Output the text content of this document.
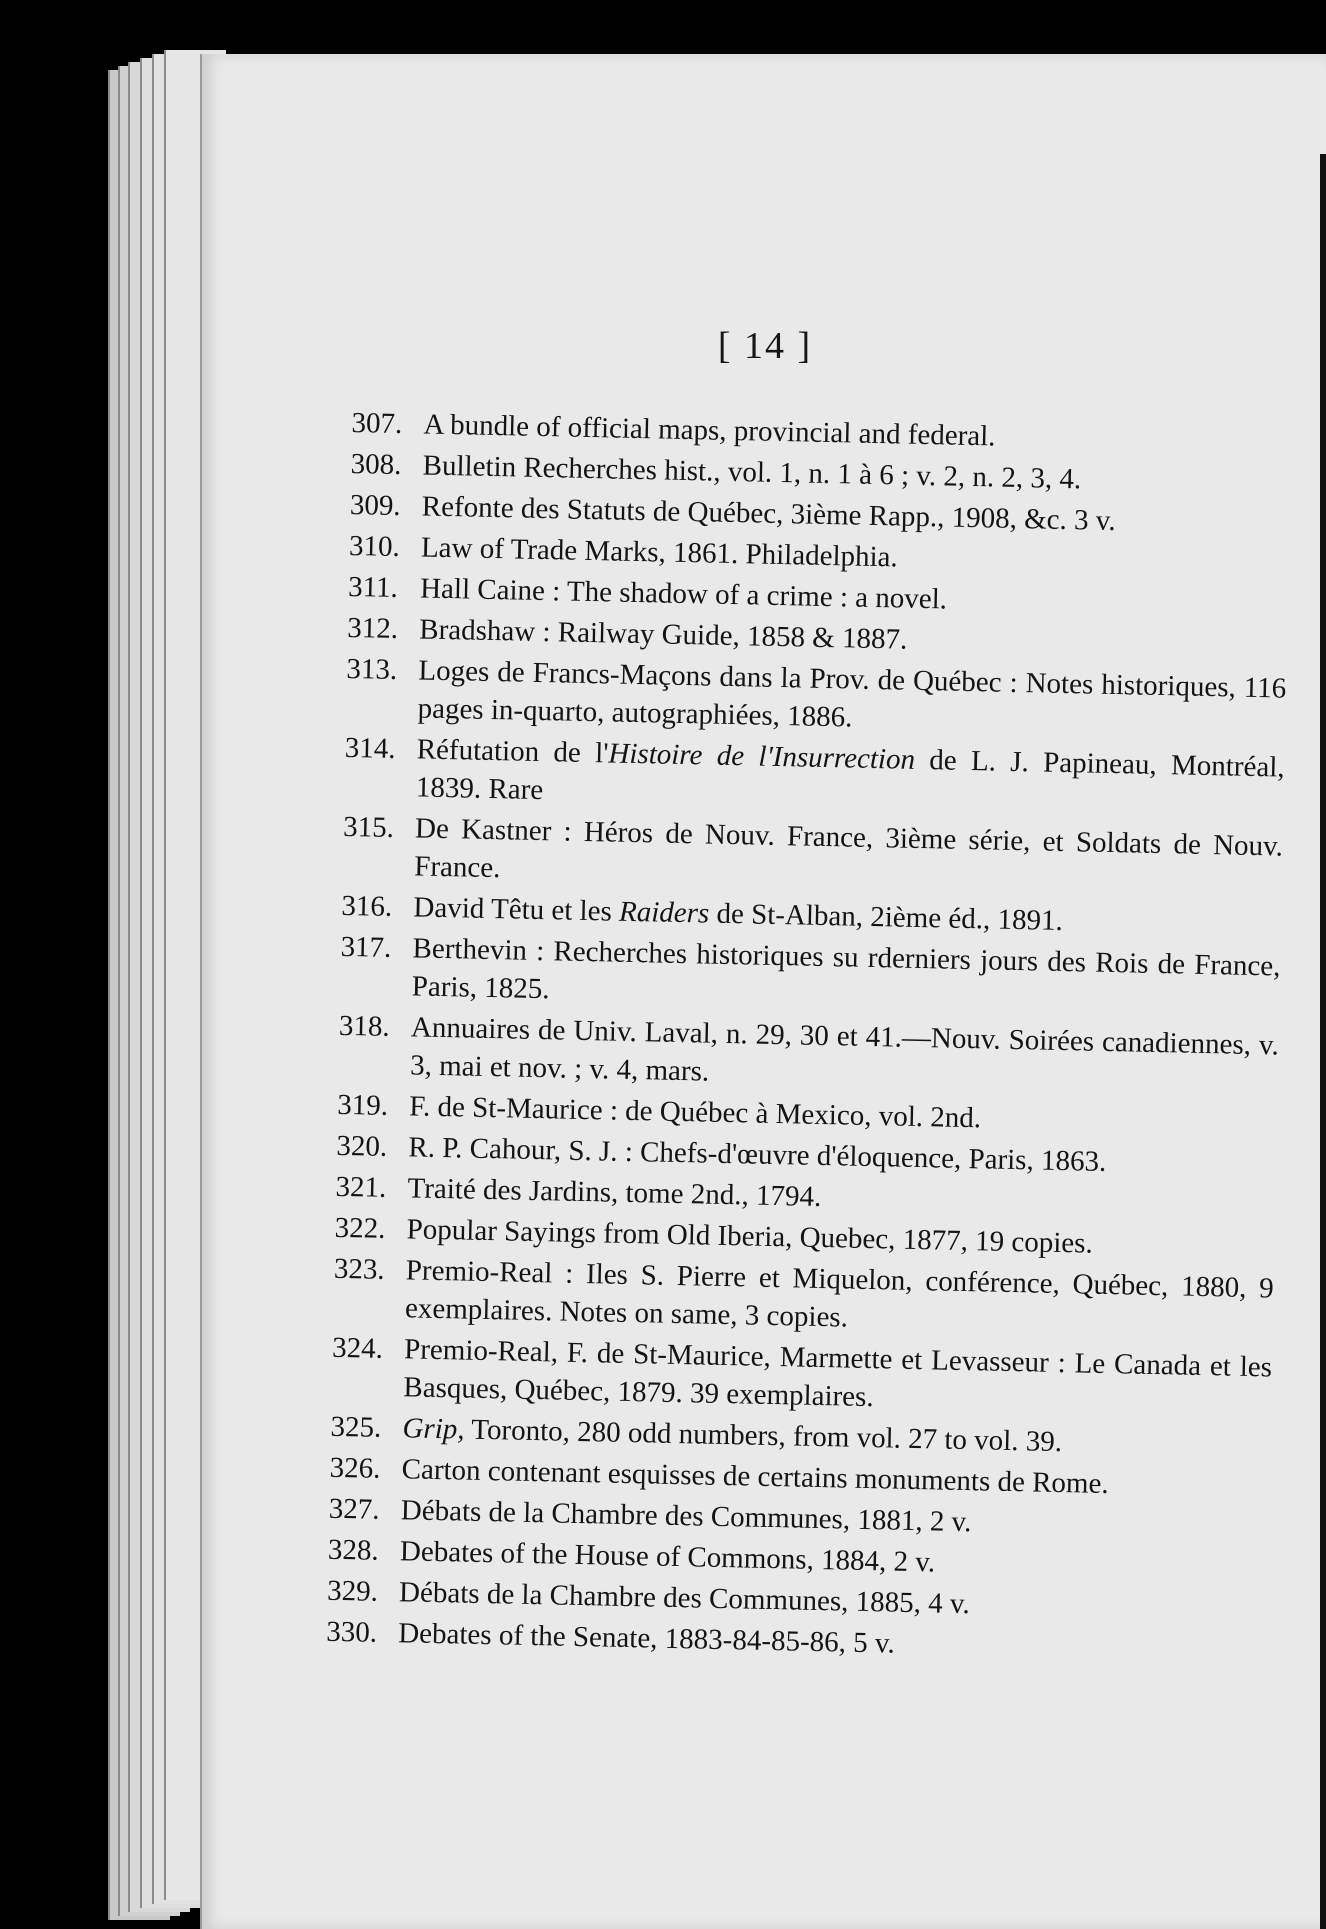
[ 14 ]
307. A bundle of official maps, provincial and federal.
308. Bulletin Recherches hist., vol. 1, n. 1 à 6 ; v. 2, n. 2, 3, 4.
309. Refonte des Statuts de Québec, 3ième Rapp., 1908, &c. 3 v.
310. Law of Trade Marks, 1861. Philadelphia.
311. Hall Caine : The shadow of a crime : a novel.
312. Bradshaw : Railway Guide, 1858 & 1887.
313. Loges de Francs-Maçons dans la Prov. de Québec : Notes historiques, 116 pages in-quarto, autographiées, 1886.
314. Réfutation de l'Histoire de l'Insurrection de L. J. Papineau, Montréal, 1839. Rare
315. De Kastner : Héros de Nouv. France, 3ième série, et Soldats de Nouv. France.
316. David Têtu et les Raiders de St-Alban, 2ième éd., 1891.
317. Berthevin : Recherches historiques su rderniers jours des Rois de France, Paris, 1825.
318. Annuaires de Univ. Laval, n. 29, 30 et 41.—Nouv. Soirées canadiennes, v. 3, mai et nov. ; v. 4, mars.
319. F. de St-Maurice : de Québec à Mexico, vol. 2nd.
320. R. P. Cahour, S. J. : Chefs-d'œuvre d'éloquence, Paris, 1863.
321. Traité des Jardins, tome 2nd., 1794.
322. Popular Sayings from Old Iberia, Quebec, 1877, 19 copies.
323. Premio-Real : Iles S. Pierre et Miquelon, conférence, Québec, 1880, 9 exemplaires. Notes on same, 3 copies.
324. Premio-Real, F. de St-Maurice, Marmette et Levasseur : Le Canada et les Basques, Québec, 1879. 39 exemplaires.
325. Grip, Toronto, 280 odd numbers, from vol. 27 to vol. 39.
326. Carton contenant esquisses de certains monuments de Rome.
327. Débats de la Chambre des Communes, 1881, 2 v.
328. Debates of the House of Commons, 1884, 2 v.
329. Débats de la Chambre des Communes, 1885, 4 v.
330. Debates of the Senate, 1883-84-85-86, 5 v.
